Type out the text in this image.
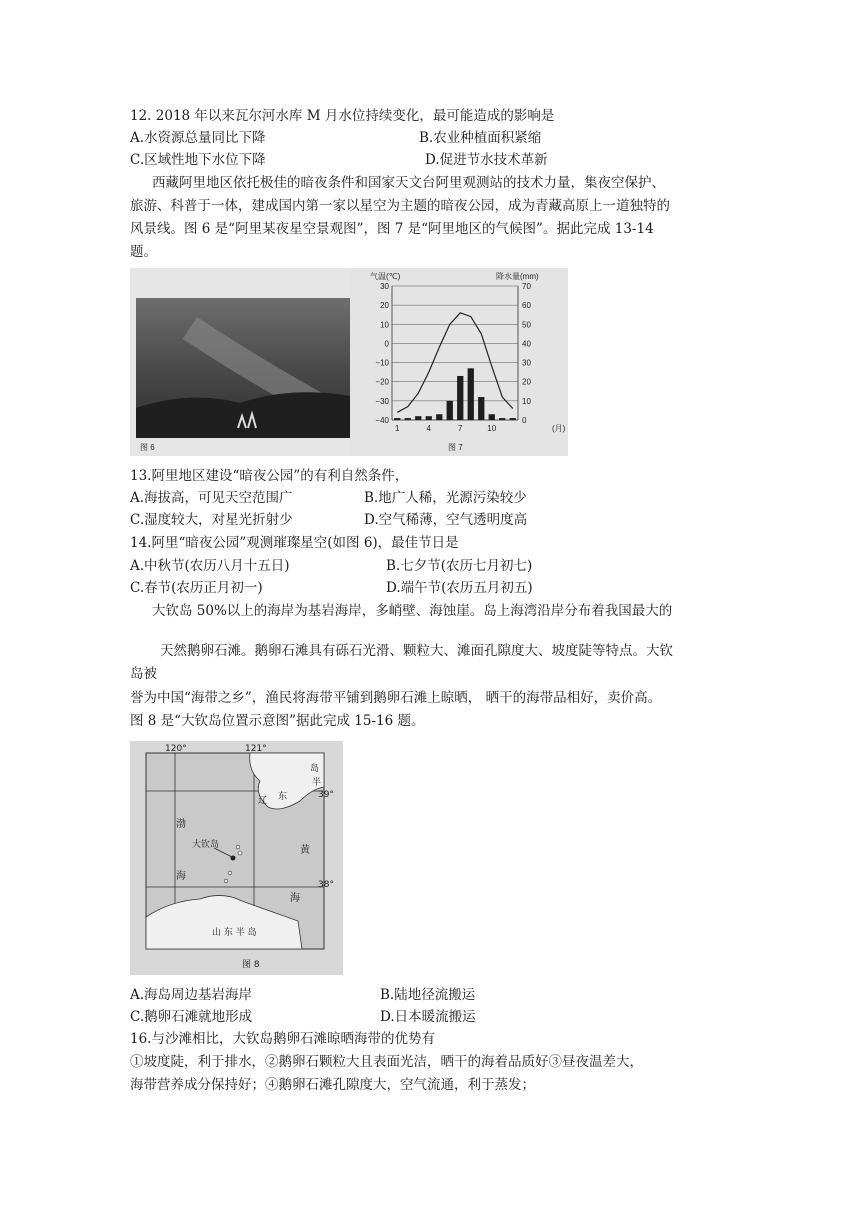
12. 2018 年以来瓦尔河水库 M 月水位持续变化，最可能造成的影响是
A.水资源总量同比下降	B.农业种植面积紧缩
C.区域性地下水位下降	D.促进节水技术革新
西藏阿里地区依托极佳的暗夜条件和国家天文台阿里观测站的技术力量，集夜空保护、
旅游、科普于一体，建成国内第一家以星空为主题的暗夜公园，成为青藏高原上一道独特的
风景线。图 6 是“阿里某夜星空景观图”，图 7 是“阿里地区的气候图”。据此完成 13-14
题。
图 6
气温(℃)	降水量(mm)
30	70
20	60
10	50
0	40
−10	30
−20	20
−30	10
−40	0
1	4	7	10	(月)
图 7
13.阿里地区建设“暗夜公园”的有利自然条件，
A.海拔高，可见天空范围广	B.地广人稀，光源污染较少
C.湿度较大，对星光折射少	D.空气稀薄，空气透明度高
14.阿里“暗夜公园”观测璀璨星空(如图 6)，最佳节日是
A.中秋节(农历八月十五日)	B.七夕节(农历七月初七)
C.春节(农历正月初一)	D.端午节(农历五月初五)
大钦岛 50%以上的海岸为基岩海岸，多峭壁、海蚀崖。岛上海湾沿岸分布着我国最大的
天然鹅卵石滩。鹅卵石滩具有砾石光滑、颗粒大、滩面孔隙度大、坡度陡等特点。大钦
岛被
誉为中国“海带之乡”，渔民将海带平铺到鹅卵石滩上晾晒， 晒干的海带品相好，卖价高。
图 8 是“大钦岛位置示意图”据此完成 15-16 题。
120°	121°
39°
38°
渤
海
黄
海
岛
辽 东
半
大钦岛
山 东 半 岛
图 8
A.海岛周边基岩海岸	B.陆地径流搬运
C.鹅卵石滩就地形成	D.日本暖流搬运
16.与沙滩相比，大钦岛鹅卵石滩晾晒海带的优势有
①坡度陡，利于排水，②鹅卵石颗粒大且表面光洁，晒干的海着品质好③昼夜温差大，
海带营养成分保持好；④鹅卵石滩孔隙度大，空气流通，利于蒸发；
